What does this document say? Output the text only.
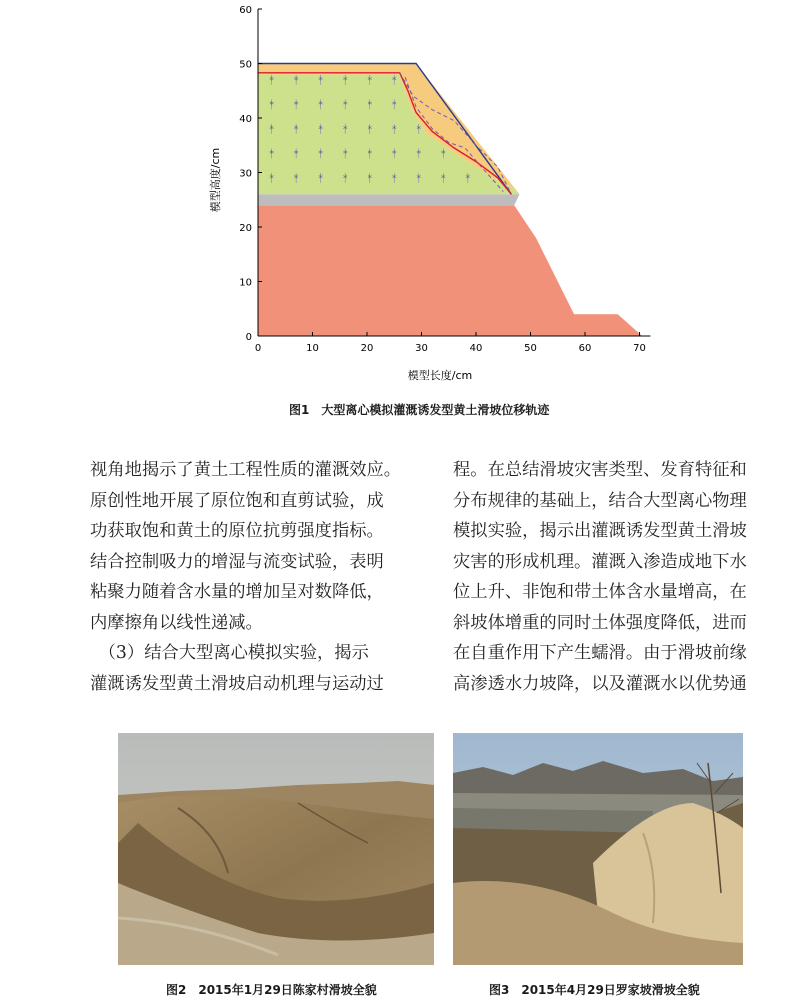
* * * * * *
* * * * * *
* * * * * * *
* * * * * * * *
* * * * * * * * *
0	10	20	30	40	50	60	70
0
10
20
30
40
50
60
模型长度/cm
模型高度/cm
图1　大型离心模拟灌溉诱发型黄土滑坡位移轨迹
视角地揭示了黄土工程性质的灌溉效应。
原创性地开展了原位饱和直剪试验，成
功获取饱和黄土的原位抗剪强度指标。
结合控制吸力的增湿与流变试验，表明
粘聚力随着含水量的增加呈对数降低，
内摩擦角以线性递减。
　（3）结合大型离心模拟实验，揭示
灌溉诱发型黄土滑坡启动机理与运动过
程。在总结滑坡灾害类型、发育特征和
分布规律的基础上，结合大型离心物理
模拟实验，揭示出灌溉诱发型黄土滑坡
灾害的形成机理。灌溉入渗造成地下水
位上升、非饱和带土体含水量增高，在
斜坡体增重的同时土体强度降低，进而
在自重作用下产生蠕滑。由于滑坡前缘
高渗透水力坡降，以及灌溉水以优势通
图2　2015年1月29日陈家村滑坡全貌	图3　2015年4月29日罗家坡滑坡全貌
